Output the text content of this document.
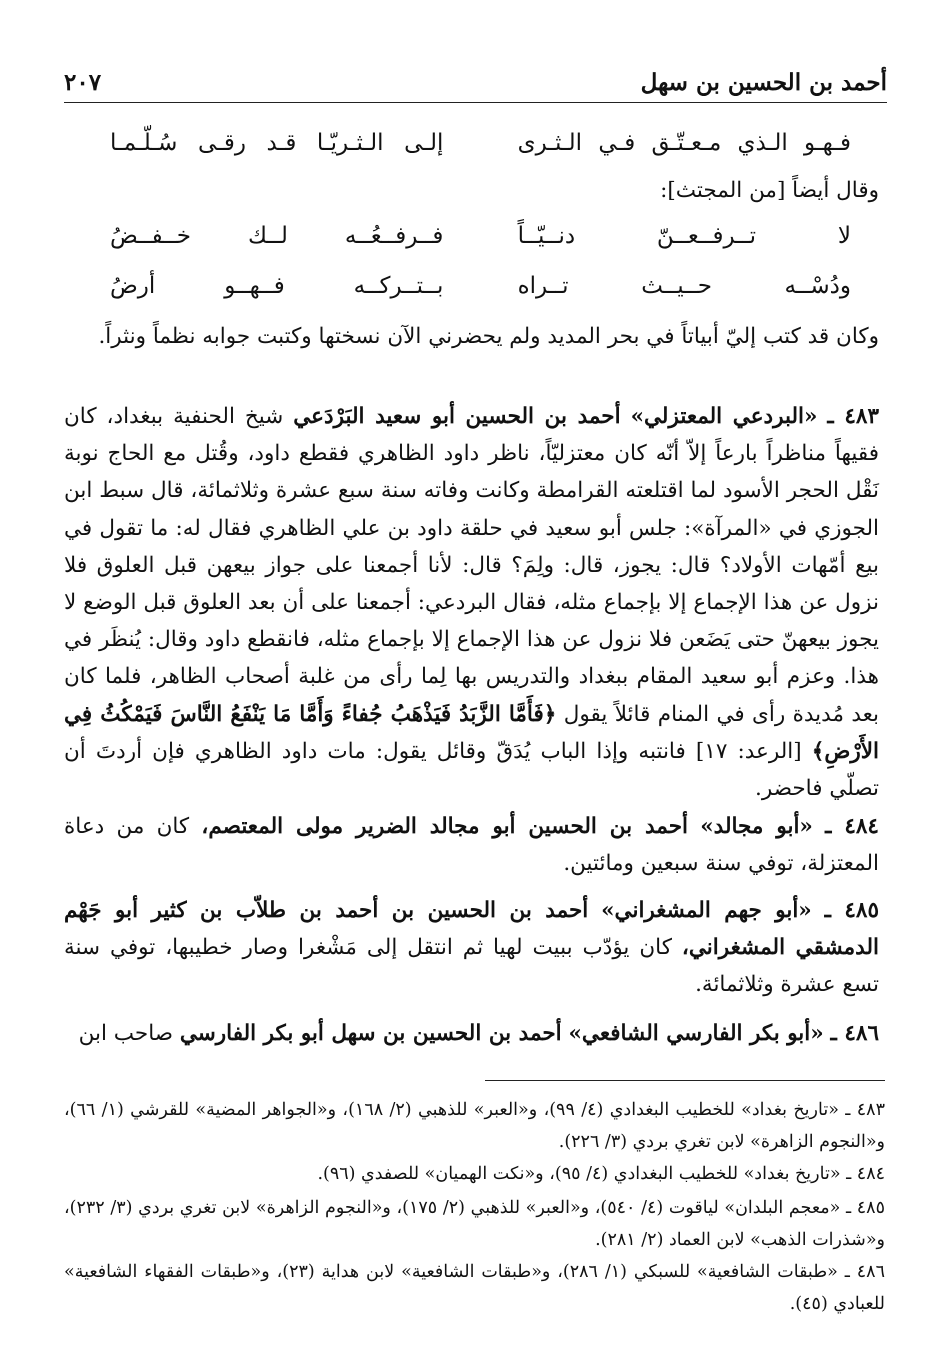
أحمد بن الحسين بن سهل
٢٠٧
فـهـو الـذي مـعـتّـق فـي الـثـرى
إلـى الـثـريّـا قـد رقـى سُـلّـمـا
وقال أيضاً [من المجتث]:
لا تــرفــعــنّ دنــيّــاً
فــرفــعُــه لــك خــفــضُ
ودُسْــه حــيــث تــراه
بــتــركــه فــهــو أرضُ
وكان قد كتب إليّ أبياتاً في بحر المديد ولم يحضرني الآن نسختها وكتبت جوابه نظماً ونثراً.
٤٨٣ ـ «البردعي المعتزلي» أحمد بن الحسين أبو سعيد البَرْدَعي شيخ الحنفية ببغداد، كان فقيهاً مناظراً بارعاً إلاّ أنّه كان معتزليّاً، ناظر داود الظاهري فقطع داود، وقُتل مع الحاج نوبة نَقْل الحجر الأسود لما اقتلعته القرامطة وكانت وفاته سنة سبع عشرة وثلاثمائة، قال سبط ابن الجوزي في «المرآة»: جلس أبو سعيد في حلقة داود بن علي الظاهري فقال له: ما تقول في بيع أمّهات الأولاد؟ قال: يجوز، قال: ولِمَ؟ قال: لأنا أجمعنا على جواز بيعهن قبل العلوق فلا نزول عن هذا الإجماع إلا بإجماع مثله، فقال البردعي: أجمعنا على أن بعد العلوق قبل الوضع لا يجوز بيعهنّ حتى يَضَعن فلا نزول عن هذا الإجماع إلا بإجماع مثله، فانقطع داود وقال: يُنظَر في هذا. وعزم أبو سعيد المقام ببغداد والتدريس بها لِما رأى من غلبة أصحاب الظاهر، فلما كان بعد مُديدة رأى في المنام قائلاً يقول ﴿فَأَمَّا الزَّبَدُ فَيَذْهَبُ جُفاءً وَأَمَّا مَا يَنْفَعُ النَّاسَ فَيَمْكُثُ فِي الأَرْضِ﴾ [الرعد: ١٧] فانتبه وإذا الباب يُدَقّ وقائل يقول: مات داود الظاهري فإن أردتَ أن تصلّي فاحضر.
٤٨٤ ـ «أبو مجالد» أحمد بن الحسين أبو مجالد الضرير مولى المعتصم، كان من دعاة المعتزلة، توفي سنة سبعين ومائتين.
٤٨٥ ـ «أبو جهم المشغراني» أحمد بن الحسين بن أحمد بن طلاّب بن كثير أبو جَهْم الدمشقي المشغراني، كان يؤدّب ببيت لهيا ثم انتقل إلى مَشْغرا وصار خطيبها، توفي سنة تسع عشرة وثلاثمائة.
٤٨٦ ـ «أبو بكر الفارسي الشافعي» أحمد بن الحسين بن سهل أبو بكر الفارسي صاحب ابن
٤٨٣ ـ «تاريخ بغداد» للخطيب البغدادي (٤/ ٩٩)، و«العبر» للذهبي (٢/ ١٦٨)، و«الجواهر المضية» للقرشي (١/ ٦٦)، و«النجوم الزاهرة» لابن تغري بردي (٣/ ٢٢٦).
٤٨٤ ـ «تاريخ بغداد» للخطيب البغدادي (٤/ ٩٥)، و«نكت الهميان» للصفدي (٩٦).
٤٨٥ ـ «معجم البلدان» لياقوت (٤/ ٥٤٠)، و«العبر» للذهبي (٢/ ١٧٥)، و«النجوم الزاهرة» لابن تغري بردي (٣/ ٢٣٢)، و«شذرات الذهب» لابن العماد (٢/ ٢٨١).
٤٨٦ ـ «طبقات الشافعية» للسبكي (١/ ٢٨٦)، و«طبقات الشافعية» لابن هداية (٢٣)، و«طبقات الفقهاء الشافعية» للعبادي (٤٥).
